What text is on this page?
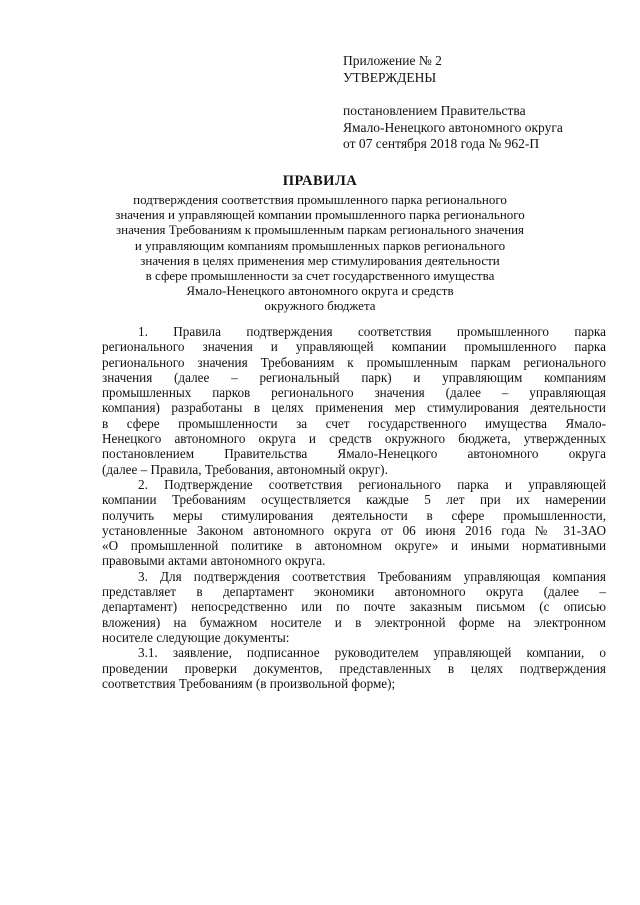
Приложение № 2
УТВЕРЖДЕНЫ
постановлением Правительства
Ямало-Ненецкого автономного округа
от 07 сентября 2018 года № 962-П
ПРАВИЛА
подтверждения соответствия промышленного парка регионального
значения и управляющей компании промышленного парка регионального
значения Требованиям к промышленным паркам регионального значения
и управляющим компаниям промышленных парков регионального
значения в целях применения мер стимулирования деятельности
в сфере промышленности за счет государственного имущества
Ямало-Ненецкого автономного округа и средств
окружного бюджета

1. Правила подтверждения соответствия промышленного парка

регионального значения и управляющей компании промышленного парка

регионального значения Требованиям к промышленным паркам регионального

значения (далее – региональный парк) и управляющим компаниям

промышленных парков регионального значения (далее – управляющая

компания) разработаны в целях применения мер стимулирования деятельности

в сфере промышленности за счет государственного имущества Ямало-

Ненецкого автономного округа и средств окружного бюджета, утвержденных

постановлением Правительства Ямало-Ненецкого автономного округа

(далее – Правила, Требования, автономный округ).

2. Подтверждение соответствия регионального парка и управляющей

компании Требованиям осуществляется каждые 5 лет при их намерении

получить меры стимулирования деятельности в сфере промышленности,

установленные Законом автономного округа от 06 июня 2016 года № 31-ЗАО

«О промышленной политике в автономном округе» и иными нормативными

правовыми актами автономного округа.

3. Для подтверждения соответствия Требованиям управляющая компания

представляет в департамент экономики автономного округа (далее –

департамент) непосредственно или по почте заказным письмом (с описью

вложения) на бумажном носителе и в электронной форме на электронном

носителе следующие документы:

3.1. заявление, подписанное руководителем управляющей компании, о

проведении проверки документов, представленных в целях подтверждения

соответствия Требованиям (в произвольной форме);
